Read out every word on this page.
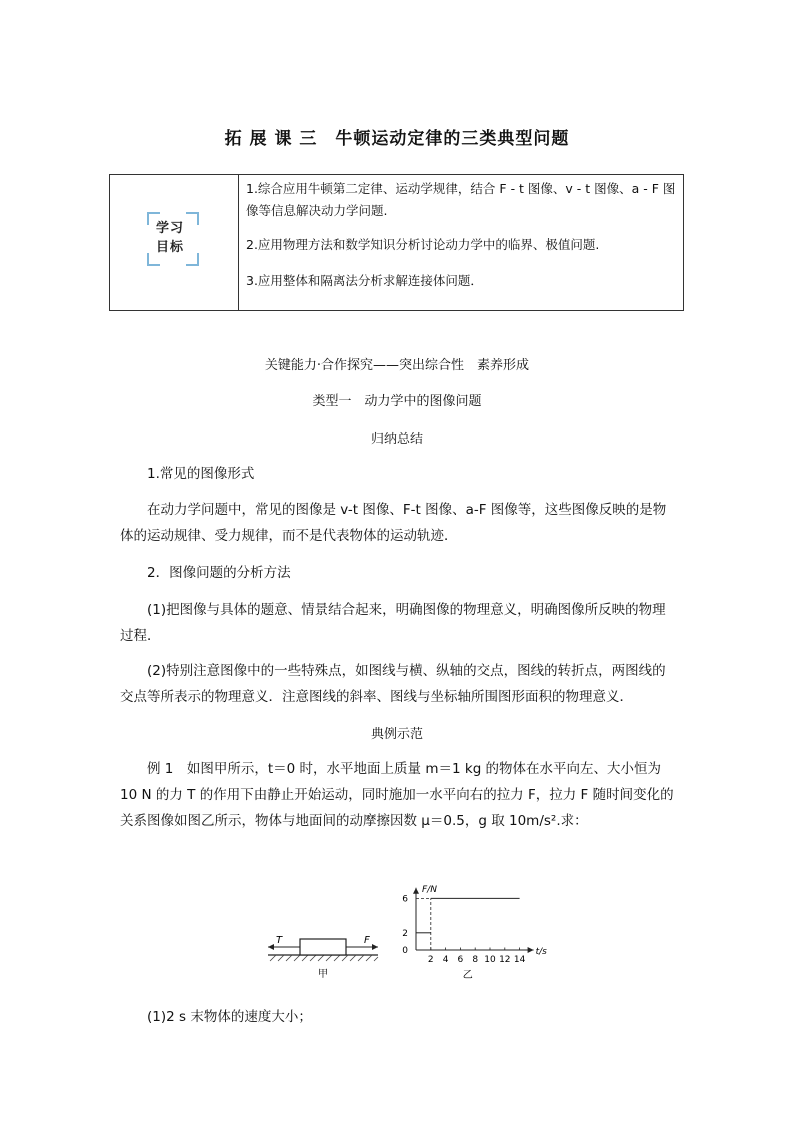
拓 展 课 三　牛顿运动定律的三类典型问题
学习
目标

1.综合应用牛顿第二定律、运动学规律，结合 F - t 图像、v - t 图像、a - F 图像等信息解决动力学问题.

2.应用物理方法和数学知识分析讨论动力学中的临界、极值问题.

3.应用整体和隔离法分析求解连接体问题．

关键能力·合作探究——突出综合性　素养形成
类型一　动力学中的图像问题
归纳总结

1.常见的图像形式

在动力学问题中，常见的图像是 v-t 图像、F-t 图像、a-F 图像等，这些图像反映的是物体的运动规律、受力规律，而不是代表物体的运动轨迹．

2．图像问题的分析方法

(1)把图像与具体的题意、情景结合起来，明确图像的物理意义，明确图像所反映的物理过程．

(2)特别注意图像中的一些特殊点，如图线与横、纵轴的交点，图线的转折点，两图线的交点等所表示的物理意义．注意图线的斜率、图线与坐标轴所围图形面积的物理意义．

典例示范

例 1　如图甲所示，t＝0 时，水平地面上质量 m＝1 kg 的物体在水平向左、大小恒为 10 N 的力 T 的作用下由静止开始运动，同时施加一水平向右的拉力 F，拉力 F 随时间变化的关系图像如图乙所示，物体与地面间的动摩擦因数 μ＝0.5，g 取 10m/s².求：

T	F
甲
2 4 6 8 10 12 14
0
2
6
t/s
F/N
乙

(1)2 s 末物体的速度大小；
